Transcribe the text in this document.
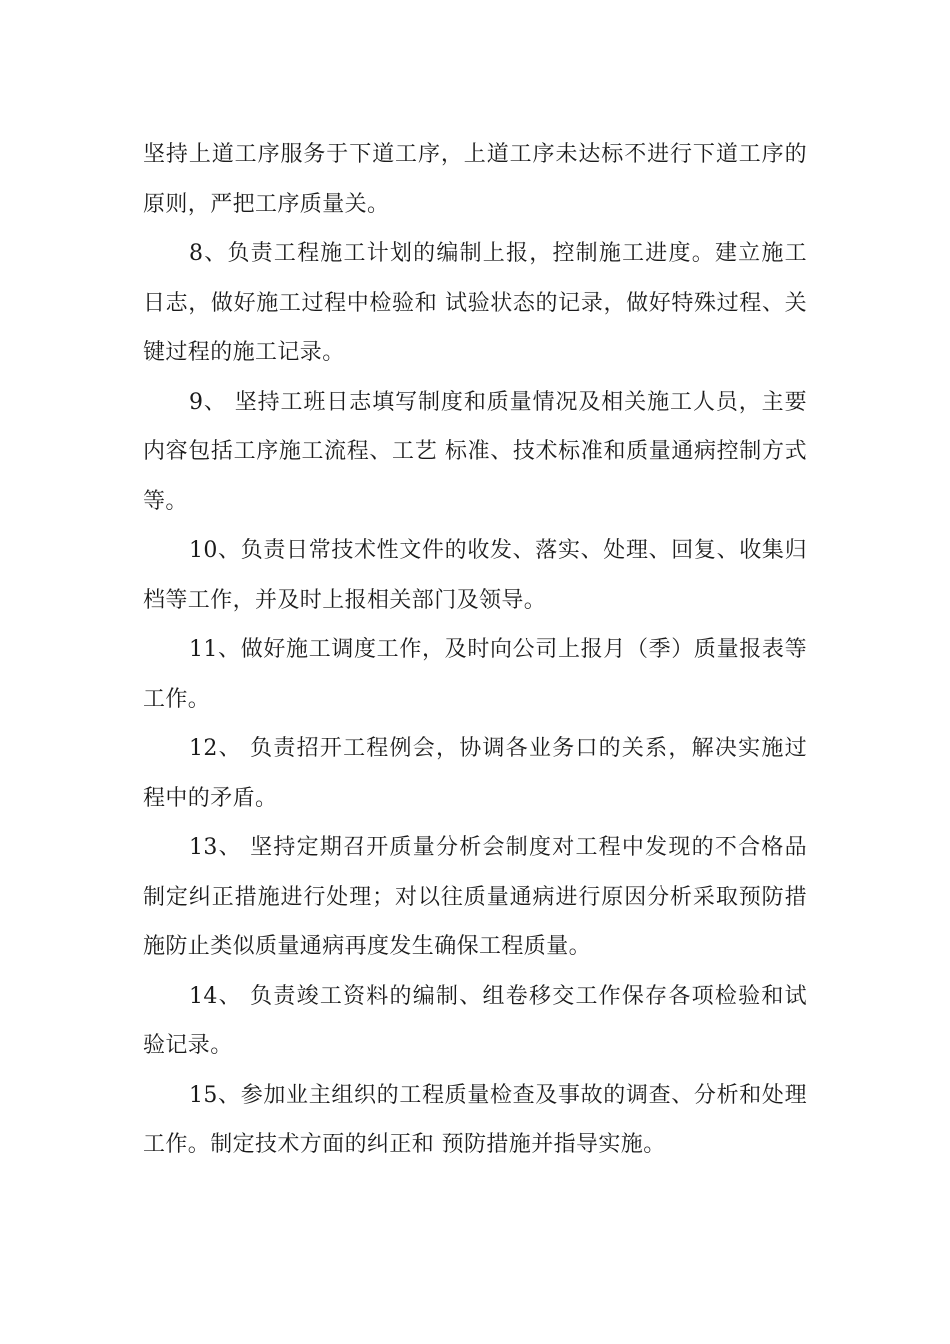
坚持上道工序服务于下道工序，上道工序未达标不进行下道工序的原则，严把工序质量关。

8、负责工程施工计划的编制上报，控制施工进度。建立施工日志，做好施工过程中检验和 试验状态的记录，做好特殊过程、关键过程的施工记录。

9、 坚持工班日志填写制度和质量情况及相关施工人员，主要内容包括工序施工流程、工艺 标准、技术标准和质量通病控制方式等。

10、负责日常技术性文件的收发、落实、处理、回复、收集归档等工作，并及时上报相关部门及领导。

11、做好施工调度工作，及时向公司上报月（季）质量报表等工作。

12、 负责招开工程例会，协调各业务口的关系，解决实施过程中的矛盾。

13、 坚持定期召开质量分析会制度对工程中发现的不合格品制定纠正措施进行处理；对以往质量通病进行原因分析采取预防措施防止类似质量通病再度发生确保工程质量。

14、 负责竣工资料的编制、组卷移交工作保存各项检验和试验记录。

15、参加业主组织的工程质量检查及事故的调查、分析和处理工作。制定技术方面的纠正和 预防措施并指导实施。
